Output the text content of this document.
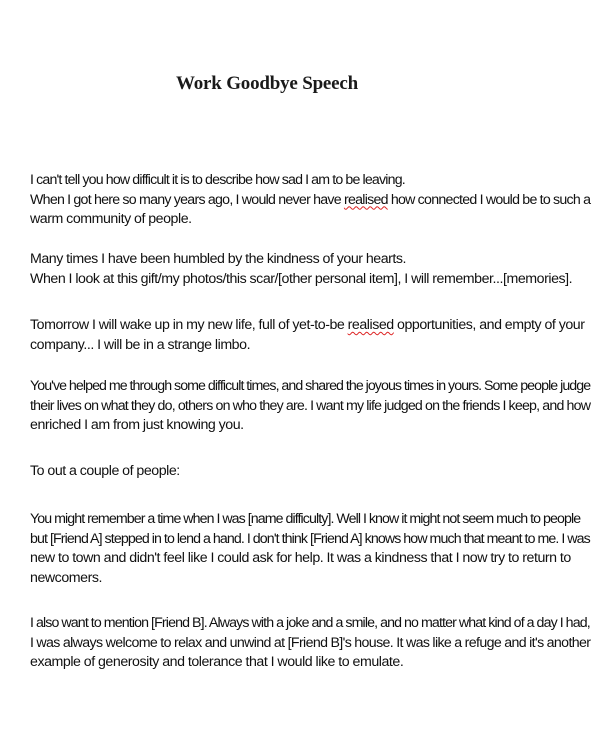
Work Goodbye Speech

I can't tell you how difficult it is to describe how sad I am to be leaving.
When I got here so many years ago, I would never have realised how connected I would be to such a
warm community of people.

Many times I have been humbled by the kindness of your hearts.
When I look at this gift/my photos/this scar/[other personal item], I will remember...[memories].

Tomorrow I will wake up in my new life, full of yet-to-be realised opportunities, and empty of your
company... I will be in a strange limbo.

You've helped me through some difficult times, and shared the joyous times in yours. Some people judge
their lives on what they do, others on who they are. I want my life judged on the friends I keep, and how
enriched I am from just knowing you.

To out a couple of people:

You might remember a time when I was [name difficulty]. Well I know it might not seem much to people
but [Friend A] stepped in to lend a hand. I don't think [Friend A] knows how much that meant to me. I was
new to town and didn't feel like I could ask for help. It was a kindness that I now try to return to
newcomers.

I also want to mention [Friend B]. Always with a joke and a smile, and no matter what kind of a day I had,
I was always welcome to relax and unwind at [Friend B]'s house. It was like a refuge and it's another
example of generosity and tolerance that I would like to emulate.
